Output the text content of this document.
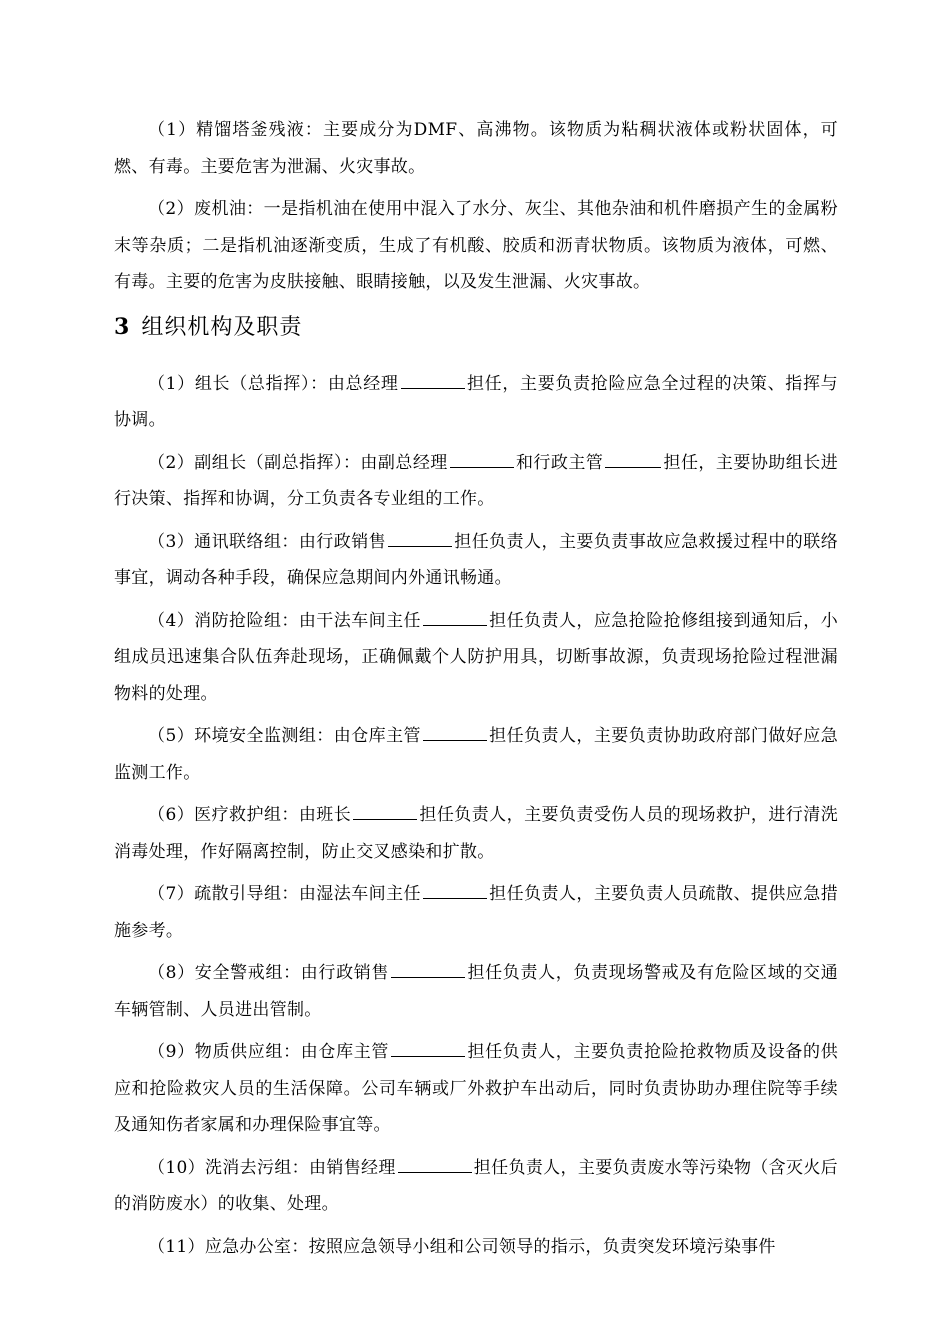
（1）精馏塔釜残液：主要成分为DMF、高沸物。该物质为粘稠状液体或粉状固体，可燃、有毒。主要危害为泄漏、火灾事故。

（2）废机油：一是指机油在使用中混入了水分、灰尘、其他杂油和机件磨损产生的金属粉末等杂质；二是指机油逐渐变质，生成了有机酸、胶质和沥青状物质。该物质为液体，可燃、有毒。主要的危害为皮肤接触、眼睛接触，以及发生泄漏、火灾事故。

3 组织机构及职责

（1）组长（总指挥）：由总经理	担任，主要负责抢险应急全过程的决策、指挥与协调。

（2）副组长（副总指挥）：由副总经理	和行政主管	担任，主要协助组长进行决策、指挥和协调，分工负责各专业组的工作。

（3）通讯联络组：由行政销售	担任负责人，主要负责事故应急救援过程中的联络事宜，调动各种手段，确保应急期间内外通讯畅通。

（4）消防抢险组：由干法车间主任	担任负责人，应急抢险抢修组接到通知后，小组成员迅速集合队伍奔赴现场，正确佩戴个人防护用具，切断事故源，负责现场抢险过程泄漏物料的处理。

（5）环境安全监测组：由仓库主管	担任负责人，主要负责协助政府部门做好应急监测工作。

（6）医疗救护组：由班长	担任负责人，主要负责受伤人员的现场救护，进行清洗消毒处理，作好隔离控制，防止交叉感染和扩散。

（7）疏散引导组：由湿法车间主任	担任负责人，主要负责人员疏散、提供应急措施参考。

（8）安全警戒组：由行政销售	担任负责人，负责现场警戒及有危险区域的交通车辆管制、人员进出管制。

（9）物质供应组：由仓库主管	担任负责人，主要负责抢险抢救物质及设备的供应和抢险救灾人员的生活保障。公司车辆或厂外救护车出动后，同时负责协助办理住院等手续及通知伤者家属和办理保险事宜等。

（10）洗消去污组：由销售经理	担任负责人，主要负责废水等污染物（含灭火后的消防废水）的收集、处理。

（11）应急办公室：按照应急领导小组和公司领导的指示，负责突发环境污染事件
